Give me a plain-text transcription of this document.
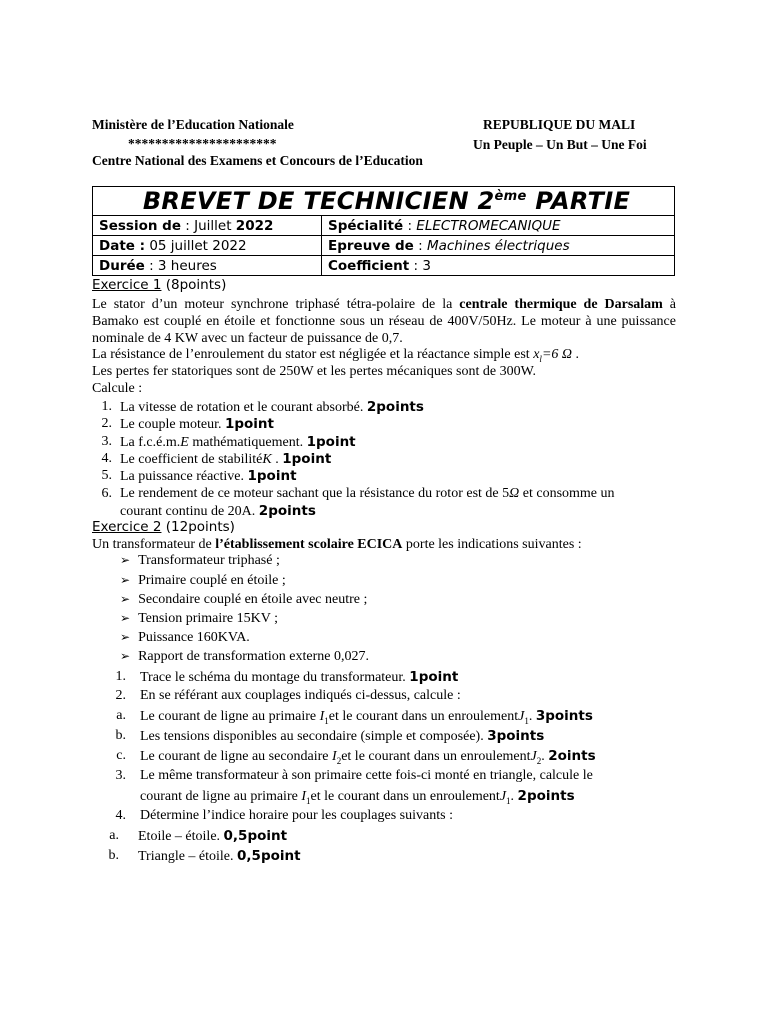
Ministère de l’Education Nationale
**********************
Centre National des Examens et Concours de l’Education
REPUBLIQUE DU MALI
Un Peuple – Un But – Une Foi
BREVET DE TECHNICIEN 2ème PARTIE	
Session de : Juillet 2022	Spécialité : ELECTROMECANIQUE
Date : 05 juillet 2022	Epreuve de : Machines électriques
Durée : 3 heures	Coefficient : 3
Exercice 1 (8points)
Le stator d’un moteur synchrone triphasé tétra-polaire de la centrale thermique de Darsalam à Bamako est couplé en étoile et fonctionne sous un réseau de 400V/50Hz. Le moteur à une puissance nominale de 4 KW avec un facteur de puissance de 0,7.
La résistance de l’enroulement du stator est négligée et la réactance simple est $x_l=6$ Ω .
Les pertes fer statoriques sont de 250W et les pertes mécaniques sont de 300W.
Calcule :
1. La vitesse de rotation et le courant absorbé. 2points
2. Le couple moteur. 1point
3. La f.c.é.m.E mathématiquement. 1point
4. Le coefficient de stabilitéK . 1point
5. La puissance réactive. 1point
6. Le rendement de ce moteur sachant que la résistance du rotor est de 5Ω et consomme un
courant continu de 20A. 2points
Exercice 2 (12points)
Un transformateur de l’établissement scolaire ECICA porte les indications suivantes :
➢ Transformateur triphasé ;
➢ Primaire couplé en étoile ;
➢ Secondaire couplé en étoile avec neutre ;
➢ Tension primaire 15KV ;
➢ Puissance 160KVA.
➢ Rapport de transformation externe 0,027.
1. Trace le schéma du montage du transformateur. 1point
2. En se référant aux couplages indiqués ci-dessus, calcule :
a. Le courant de ligne au primaire $I_1et$ le courant dans un enroulementJ$_1$. 3points
b. Les tensions disponibles au secondaire (simple et composée). 3points
c. Le courant de ligne au secondaire $I_2et$ le courant dans un enroulementJ$_2$. 2oints
3. Le même transformateur à son primaire cette fois-ci monté en triangle, calcule le
courant de ligne au primaire $I_1et$ le courant dans un enroulementJ$_1$. 2points
4. Détermine l’indice horaire pour les couplages suivants :
a. Etoile – étoile. 0,5point
b. Triangle – étoile. 0,5point
